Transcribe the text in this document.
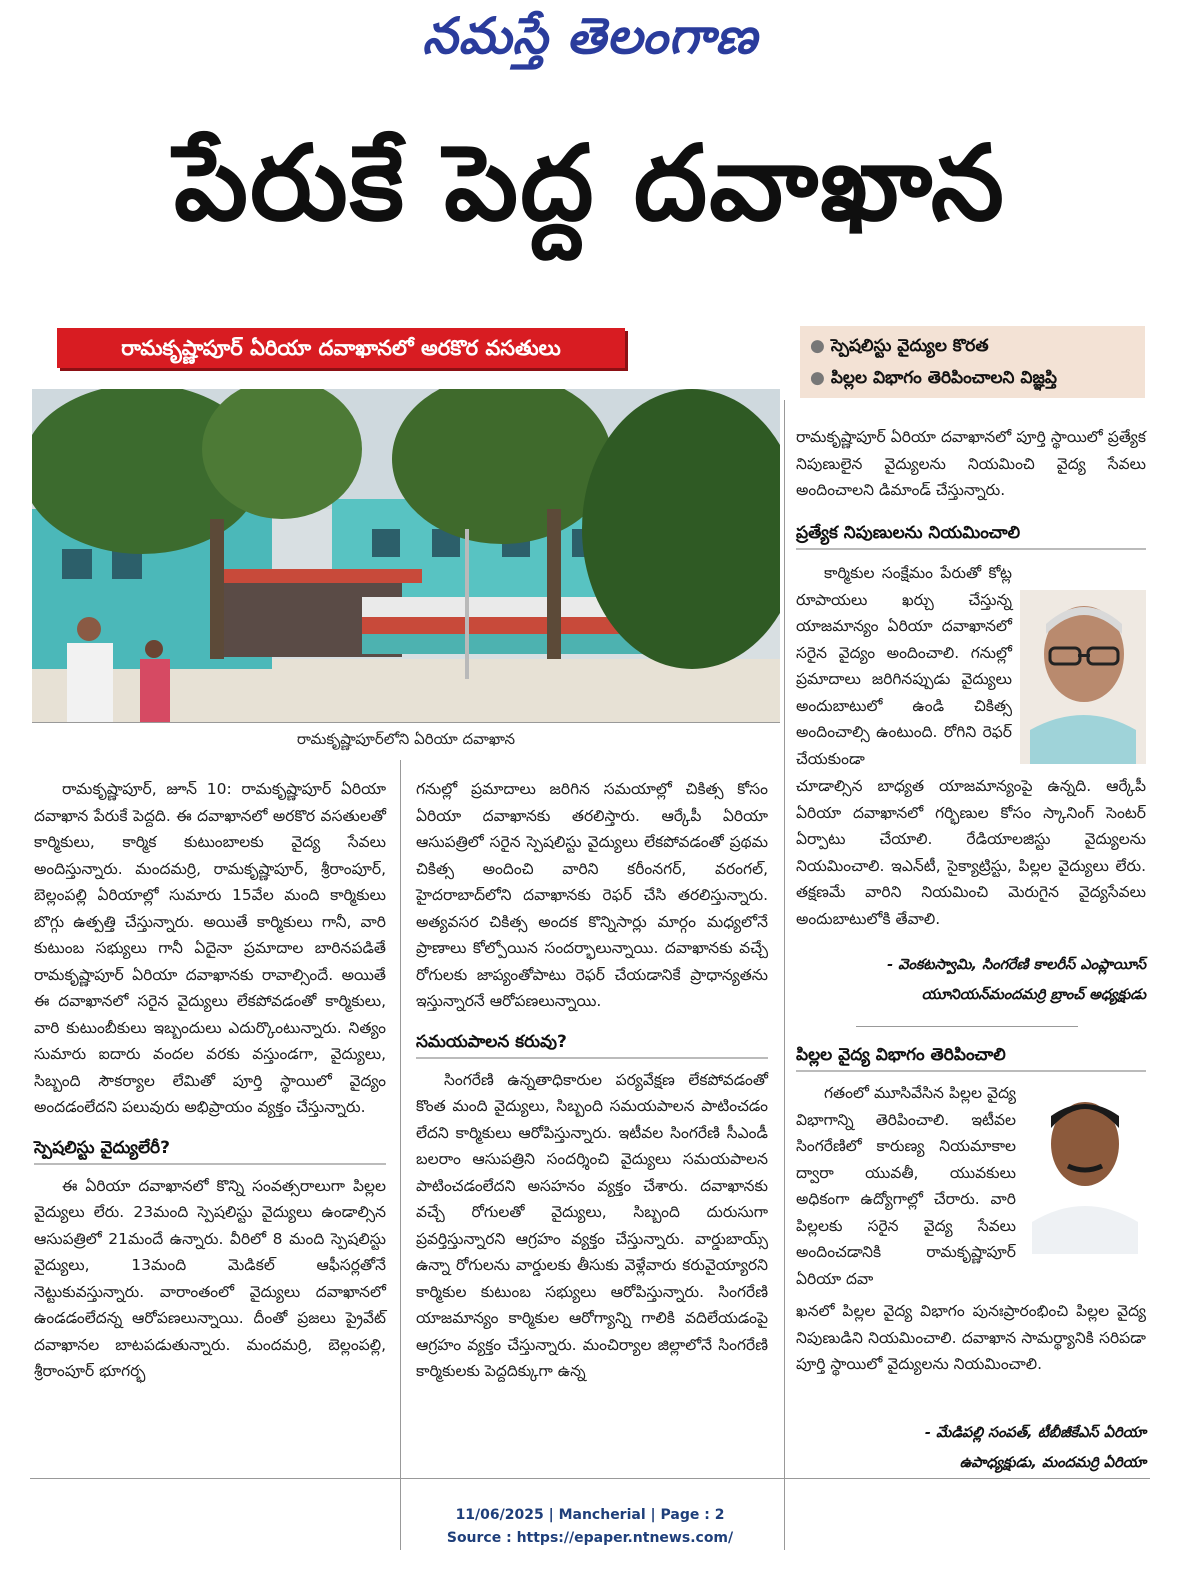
నమస్తే తెలంగాణ
పేరుకే పెద్ద దవాఖాన
రామకృష్ణాపూర్ ఏరియా దవాఖానలో అరకొర వసతులు	● స్పెషలిస్టు వైద్యుల కొరత
● పిల్లల విభాగం తెరిపించాలని విజ్ఞప్తి
రామకృష్ణాపూర్‌లోని ఏరియా దవాఖాన

రామకృష్ణాపూర్, జూన్ 10: రామకృష్ణాపూర్ ఏరియా దవాఖాన పేరుకే పెద్దది. ఈ దవాఖానలో అరకొర వసతులతో కార్మికులు, కార్మిక కుటుంబాలకు వైద్య సేవలు అందిస్తున్నారు. మందమర్రి, రామకృష్ణాపూర్, శ్రీరాంపూర్, బెల్లంపల్లి ఏరియాల్లో సుమారు 15వేల మంది కార్మికులు బొగ్గు ఉత్పత్తి చేస్తున్నారు. అయితే కార్మికులు గానీ, వారి కుటుంబ సభ్యులు గానీ ఏదైనా ప్రమాదాల బారినపడితే రామకృష్ణాపూర్ ఏరియా దవాఖానకు రావాల్సిందే. అయితే ఈ దవాఖానలో సరైన వైద్యులు లేకపోవడంతో కార్మికులు, వారి కుటుంబీకులు ఇబ్బందులు ఎదుర్కొంటున్నారు. నిత్యం సుమారు ఐదారు వందల వరకు వస్తుండగా, వైద్యులు, సిబ్బంది సౌకర్యాల లేమితో పూర్తి స్థాయిలో వైద్యం అందడంలేదని పలువురు అభిప్రాయం వ్యక్తం చేస్తున్నారు.

స్పెషలిస్టు వైద్యులేరీ?

ఈ ఏరియా దవాఖానలో కొన్ని సంవత్సరాలుగా పిల్లల వైద్యులు లేరు. 23మంది స్పెషలిస్టు వైద్యులు ఉండాల్సిన ఆసుపత్రిలో 21మందే ఉన్నారు. వీరిలో 8 మంది స్పెషలిస్టు వైద్యులు, 13మంది మెడికల్ ఆఫీసర్లతోనే నెట్టుకువస్తున్నారు. వారాంతంలో వైద్యులు దవాఖానలో ఉండడంలేదన్న ఆరోపణలున్నాయి. దీంతో ప్రజలు ప్రైవేట్ దవాఖానల బాటపడుతున్నారు. మందమర్రి, బెల్లంపల్లి, శ్రీరాంపూర్ భూగర్భ

గనుల్లో ప్రమాదాలు జరిగిన సమయాల్లో చికిత్స కోసం ఏరియా దవాఖానకు తరలిస్తారు. ఆర్కేపీ ఏరియా ఆసుపత్రిలో సరైన స్పెషలిస్టు వైద్యులు లేకపోవడంతో ప్రథమ చికిత్స అందించి వారిని కరీంనగర్, వరంగల్, హైదరాబాద్‌లోని దవాఖానకు రెఫర్ చేసి తరలిస్తున్నారు. అత్యవసర చికిత్స అందక కొన్నిసార్లు మార్గం మధ్యలోనే ప్రాణాలు కోల్పోయిన సందర్భాలున్నాయి. దవాఖానకు వచ్చే రోగులకు జాప్యంతోపాటు రెఫర్ చేయడానికే ప్రాధాన్యతను ఇస్తున్నారనే ఆరోపణలున్నాయి.

సమయపాలన కరువు?

సింగరేణి ఉన్నతాధికారుల పర్యవేక్షణ లేకపోవడంతో కొంత మంది వైద్యులు, సిబ్బంది సమయపాలన పాటించడం లేదని కార్మికులు ఆరోపిస్తున్నారు. ఇటీవల సింగరేణి సీఎండీ బలరాం ఆసుపత్రిని సందర్శించి వైద్యులు సమయపాలన పాటించడంలేదని అసహనం వ్యక్తం చేశారు. దవాఖానకు వచ్చే రోగులతో వైద్యులు, సిబ్బంది దురుసుగా ప్రవర్తిస్తున్నారని ఆగ్రహం వ్యక్తం చేస్తున్నారు. వార్డుబాయ్స్ ఉన్నా రోగులను వార్డులకు తీసుకు వెళ్లేవారు కరువైయ్యారని కార్మికుల కుటుంబ సభ్యులు ఆరోపిస్తున్నారు. సింగరేణి యాజమాన్యం కార్మికుల ఆరోగ్యాన్ని గాలికి వదిలేయడంపై ఆగ్రహం వ్యక్తం చేస్తున్నారు. మంచిర్యాల జిల్లాలోనే సింగరేణి కార్మికులకు పెద్దదిక్కుగా ఉన్న

రామకృష్ణాపూర్ ఏరియా దవాఖానలో పూర్తి స్థాయిలో ప్రత్యేక నిపుణులైన వైద్యులను నియమించి వైద్య సేవలు అందించాలని డిమాండ్ చేస్తున్నారు.

ప్రత్యేక నిపుణులను నియమించాలి

కార్మికుల సంక్షేమం పేరుతో కోట్ల రూపాయలు ఖర్చు చేస్తున్న యాజమాన్యం ఏరియా దవాఖానలో సరైన వైద్యం అందించాలి. గనుల్లో ప్రమాదాలు జరిగినప్పుడు వైద్యులు అందుబాటులో ఉండి చికిత్స అందించాల్సి ఉంటుంది. రోగిని రెఫర్ చేయకుండా

చూడాల్సిన బాధ్యత యాజమాన్యంపై ఉన్నది. ఆర్కేపీ ఏరియా దవాఖానలో గర్భిణుల కోసం స్కానింగ్ సెంటర్ ఏర్పాటు చేయాలి. రేడియాలజిస్టు వైద్యులను నియమించాలి. ఇఎన్‌టీ, సైక్యాట్రిస్టు, పిల్లల వైద్యులు లేరు. తక్షణమే వారిని నియమించి మెరుగైన వైద్యసేవలు అందుబాటులోకి తేవాలి.

- వెంకటస్వామి, సింగరేణి కాలరీస్ ఎంప్లాయీస్
యూనియన్‌మందమర్రి బ్రాంచ్ అధ్యక్షుడు
పిల్లల వైద్య విభాగం తెరిపించాలి

గతంలో మూసివేసిన పిల్లల వైద్య విభాగాన్ని తెరిపించాలి. ఇటీవల సింగరేణిలో కారుణ్య నియమాకాల ద్వారా యువతీ, యువకులు అధికంగా ఉద్యోగాల్లో చేరారు. వారి పిల్లలకు సరైన వైద్య సేవలు అందించడానికి రామకృష్ణాపూర్ ఏరియా దవా

ఖనలో పిల్లల వైద్య విభాగం పునఃప్రారంభించి పిల్లల వైద్య నిపుణుడిని నియమించాలి. దవాఖాన సామర్థ్యానికి సరిపడా పూర్తి స్థాయిలో వైద్యులను నియమించాలి.

- మేడిపల్లి సంపత్, టీబీజీకేఎస్ ఏరియా
ఉపాధ్యక్షుడు, మందమర్రి ఏరియా
11/06/2025 | Mancherial | Page : 2
Source : https://epaper.ntnews.com/
